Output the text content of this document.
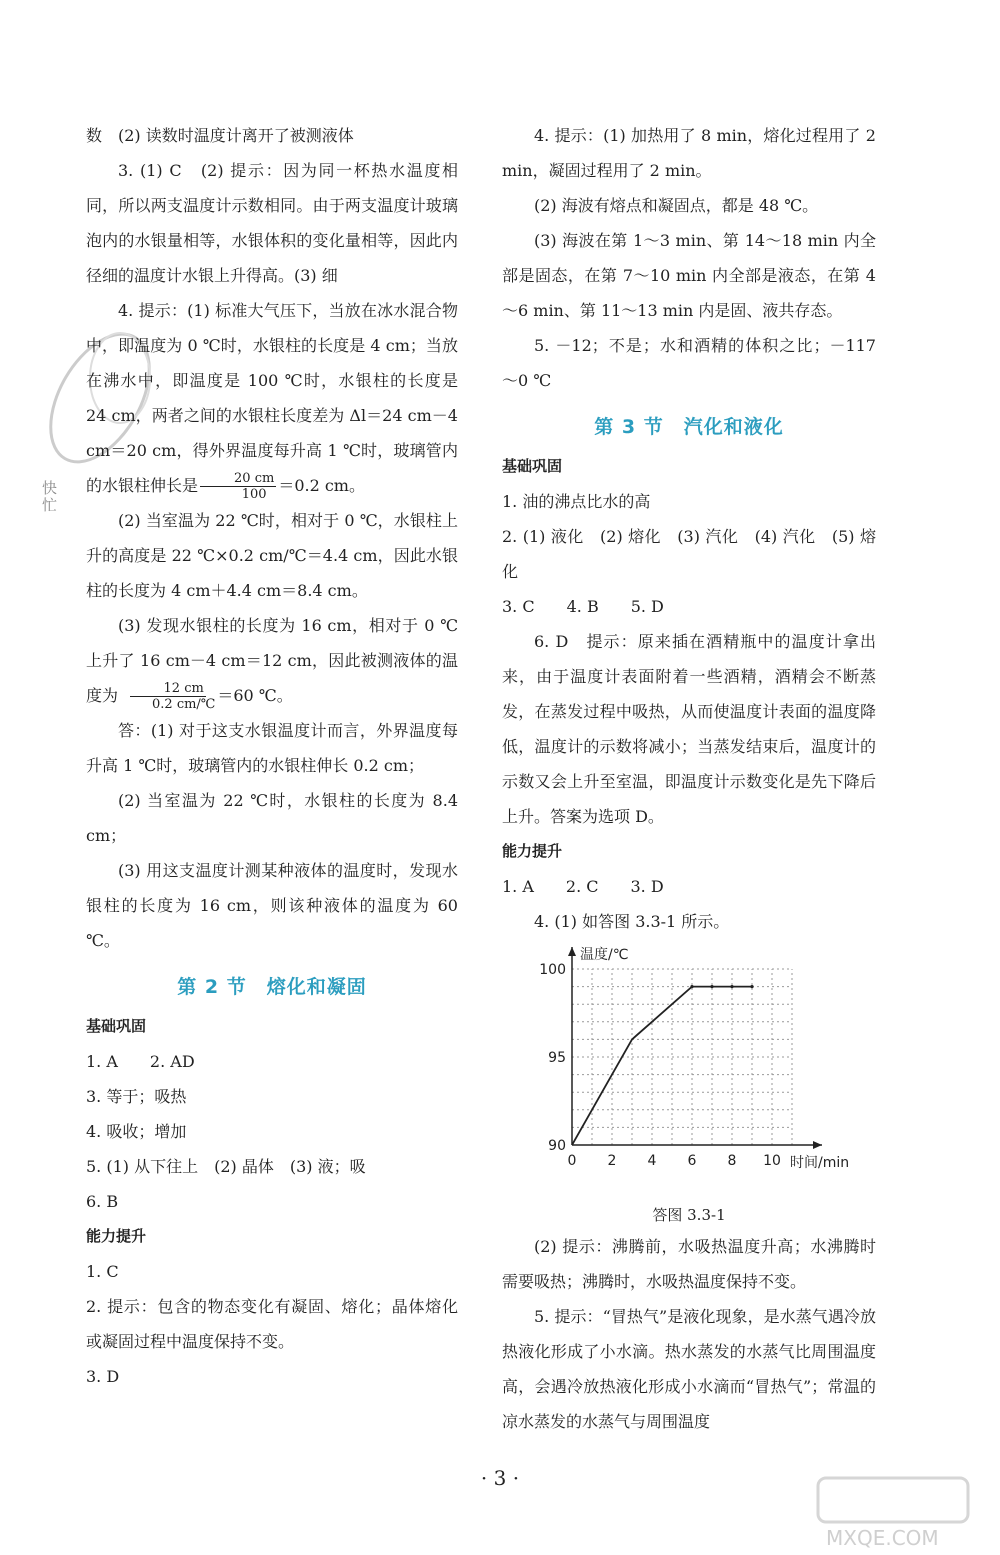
快
忙

数　(2) 读数时温度计离开了被测液体

3. (1) C　(2) 提示：因为同一杯热水温度相同，所以两支温度计示数相同。由于两支温度计玻璃泡内的水银量相等，水银体积的变化量相等，因此内径细的温度计水银上升得高。(3) 细

4. 提示：(1) 标准大气压下，当放在冰水混合物中，即温度为 0 ℃时，水银柱的长度是 4 cm；当放在沸水中，即温度是 100 ℃时，水银柱的长度是 24 cm，两者之间的水银柱长度差为 Δl＝24 cm－4 cm＝20 cm，得外界温度每升高 1 ℃时，玻璃管内的水银柱伸长是 $\frac{20 cm}{100} =0.2$ cm。

(2) 当室温为 22 ℃时，相对于 0 ℃，水银柱上升的高度是 22 ℃×0.2 cm/℃＝4.4 cm，因此水银柱的长度为 4 cm＋4.4 cm＝8.4 cm。

(3) 发现水银柱的长度为 16 cm，相对于 0 ℃上升了 16 cm－4 cm＝12 cm，因此被测液体的温度为 $\frac{12 cm}{0.2 cm/℃} =60$ ℃。

答：(1) 对于这支水银温度计而言，外界温度每升高 1 ℃时，玻璃管内的水银柱伸长 0.2 cm；

(2) 当室温为 22 ℃时，水银柱的长度为 8.4 cm；

(3) 用这支温度计测某种液体的温度时，发现水银柱的长度为 16 cm，则该种液体的温度为 60 ℃。

第 2 节　熔化和凝固
基础巩固

1. A　　2. AD

3. 等于；吸热

4. 吸收；增加

5. (1) 从下往上　(2) 晶体　(3) 液；吸

6. B

能力提升

1. C

2. 提示：包含的物态变化有凝固、熔化；晶体熔化或凝固过程中温度保持不变。

3. D

4. 提示：(1) 加热用了 8 min，熔化过程用了 2 min，凝固过程用了 2 min。

(2) 海波有熔点和凝固点，都是 48 ℃。

(3) 海波在第 1～3 min、第 14～18 min 内全部是固态，在第 7～10 min 内全部是液态，在第 4～6 min、第 11～13 min 内是固、液共存态。

5. －12；不是；水和酒精的体积之比；－117～0 ℃

第 3 节　汽化和液化
基础巩固

1. 油的沸点比水的高

2. (1) 液化　(2) 熔化　(3) 汽化　(4) 汽化　(5) 熔化

3. C　　4. B　　5. D

6. D　提示：原来插在酒精瓶中的温度计拿出来，由于温度计表面附着一些酒精，酒精会不断蒸发，在蒸发过程中吸热，从而使温度计表面的温度降低，温度计的示数将减小；当蒸发结束后，温度计的示数又会上升至室温，即温度计示数变化是先下降后上升。答案为选项 D。

能力提升

1. A　　2. C　　3. D

4. (1) 如答图 3.3-1 所示。

0 2 4 6 8 10
90
95
100
温度/℃
时间/min
答图 3.3-1

(2) 提示：沸腾前，水吸热温度升高；水沸腾时需要吸热；沸腾时，水吸热温度保持不变。

5. 提示：“冒热气”是液化现象，是水蒸气遇冷放热液化形成了小水滴。热水蒸发的水蒸气比周围温度高，会遇冷放热液化形成小水滴而“冒热气”；常温的凉水蒸发的水蒸气与周围温度

· 3 ·
MXQE.COM
